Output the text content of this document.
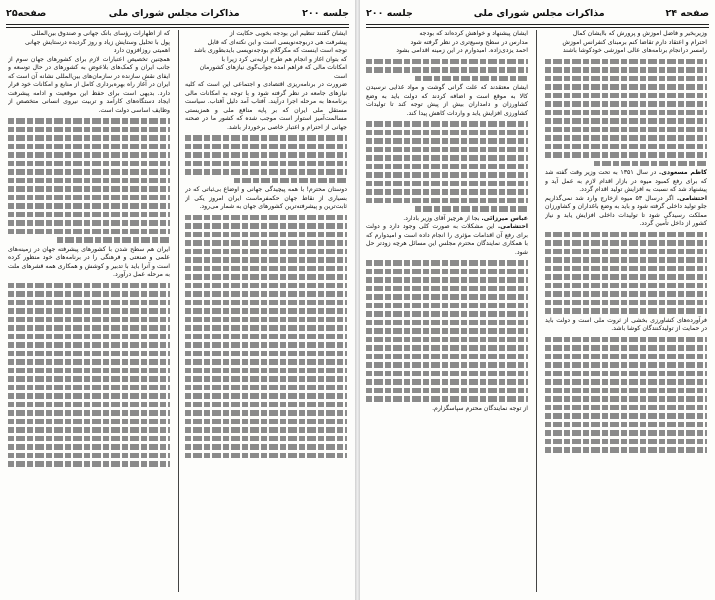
جلسه ۲۰۰
مذاکرات مجلس شورای ملی
صفحه۲۵
ایشان گفتند تنظیم این بودجه بخوبی حکایت از
پیشرفت هی دربوجه‌نویسی است و این نکته‌ای که قابل
توجه است اینست که مکرگلام بودجه‌نویسی بایدبطوری باشد
که بتوان آغاز و انجام هم طرح ارایه‌نی کرد زیرا با
امکانات مالی که فراهم آمده جواب‌گوی نیازهای کشورمان
است

ضرورت در برنامه‌ریزی اقتصادی و اجتماعی این است که کلیه نیازهای جامعه در نظر گرفته شود و با توجه به امکانات مالی برنامه‌ها به مرحله اجرا درآیند. آفتاب آمد دلیل آفتاب. سیاست مستقل ملی ایران که بر پایه منافع ملی و همزیستی مسالمت‌آمیز استوار است موجب شده که کشور ما در صحنه جهانی از احترام و اعتبار خاصی برخوردار باشد.

دوستان محترم! با همه پیچیدگی جهانی و اوضاع بی‌ثباتی که در بسیاری از نقاط جهان حکمفرماست ایران امروز یکی از ثابت‌ترین و پیشرفته‌ترین کشورهای جهان به شمار می‌رود.

که از اظهارات رؤسای بانک جهانی و صندوق بین‌المللی
پول با تحلیل وستایش زیاد و روز گردیده درستایش جهانی
اهمیتی روزافزون دارد

همچنین تخصیص اعتبارات لازم برای کشورهای جهان سوم از جانب ایران و کمک‌های بلاعوض به کشورهای در حال توسعه و ایفای نقش سازنده در سازمان‌های بین‌المللی نشانه آن است که ایران در آغاز راه بهره‌برداری کامل از منابع و امکانات خود قرار دارد. بدیهی است برای حفظ این موقعیت و ادامه پیشرفت ایجاد دستگاه‌های کارآمد و تربیت نیروی انسانی متخصص از وظایف اساسی دولت است.

ایران هم سطح شدن با کشورهای پیشرفته جهان در زمینه‌های علمی و صنعتی و فرهنگی را در برنامه‌های خود منظور کرده است و آنرا باید با تدبیر و کوشش و همکاری همه قشرهای ملت به مرحله عمل درآورد.

صفحه ۲۴
مذاکرات مجلس شورای ملی
جلسه ۲۰۰
وزیربخیر و فاضل آموزش و پرورش که باایشان کمال
احترام و اعتقاد دارم تقاضا کنم برمبنای کنفرانس آموزش
رامسر درانجام برنامه‌های عالی آموزشی خودکوشا باشند

کاظم مسعودی. در سال ۱۳۵۱ به تحت وزیر وقت گفته شد که برای رفع کمبود میوه در بازار اقدام لازم به عمل آید و پیشنهاد شد که نسبت به افزایش تولید اقدام گردد.

احتشامی. اگر درسال ۵۳ میوه ازخارج وارد شد نمی‌گذاریم جلو تولید داخلی گرفته شود و باید به وضع باغداران و کشاورزان مملکت رسیدگی شود تا تولیدات داخلی افزایش یابد و نیاز کشور از داخل تأمین گردد.

فرآورده‌های کشاورزی بخشی از ثروت ملی است و دولت باید در حمایت از تولیدکنندگان کوشا باشد.

ایشان پیشنهاد و خواهش کرده‌اند که بودجه
مدارس در سطح وسیع‌تری در نظر گرفته شود
احمد یزدی‌زاده. امیدوارم در این زمینه اقدامی بشود

ایشان معتقدند که علت گرانی گوشت و مواد غذایی نرسیدن کالا به موقع است و اضافه کردند که دولت باید به وضع کشاورزان و دامداران بیش از پیش توجه کند تا تولیدات کشاورزی افزایش یابد و واردات کاهش پیدا کند.

عباس میرزائی. بجا از هرچیز آقای وزیر بادارد.

احتشامی. این مشکلات به صورت کلی وجود دارد و دولت برای رفع آن اقدامات مؤثری را انجام داده است و امیدوارم که با همکاری نمایندگان محترم مجلس این مسائل هرچه زودتر حل شود.

از توجه نمایندگان محترم سپاسگزارم.
